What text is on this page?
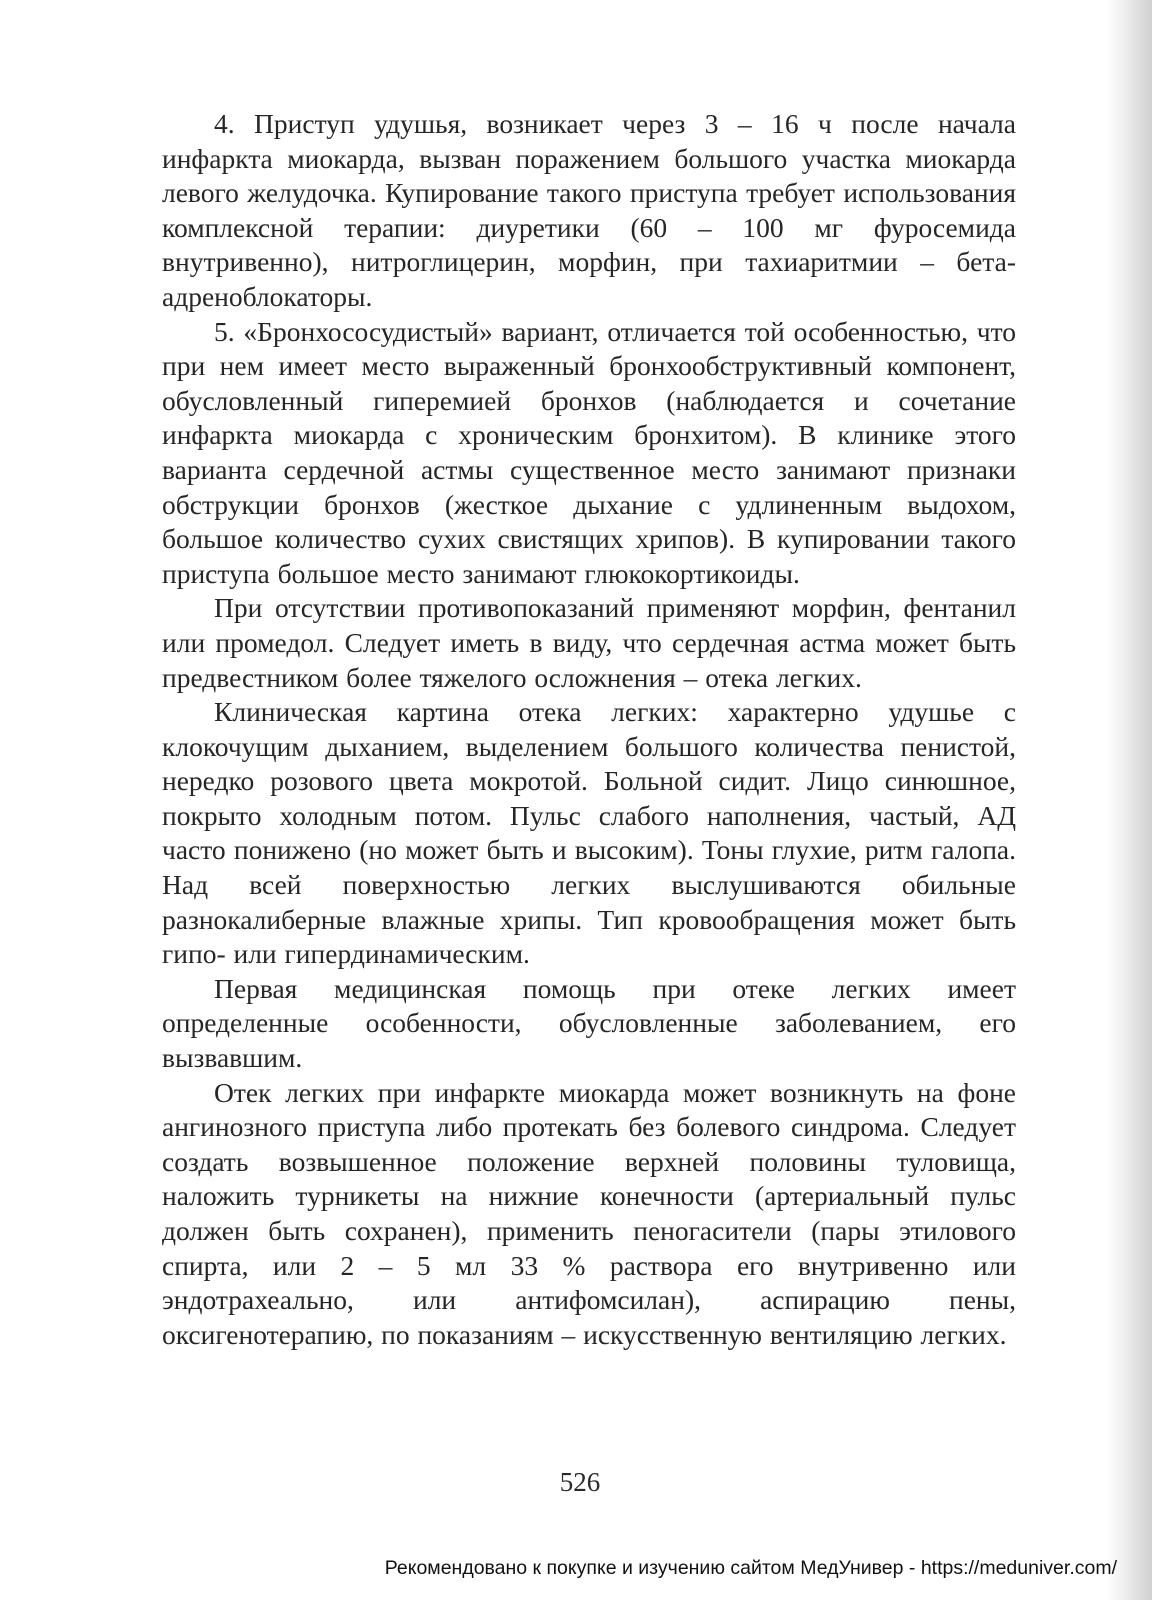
4. Приступ удушья, возникает через 3 – 16 ч после начала инфаркта миокарда, вызван поражением большого участка миокарда левого желудочка. Купирование такого приступа требует использования комплексной терапии: диуретики (60 – 100 мг фуросемида внутривенно), нитроглицерин, морфин, при тахиаритмии – бета-адреноблокаторы.

5. «Бронхососудистый» вариант, отличается той особенностью, что при нем имеет место выраженный бронхообструктивный компонент, обусловленный гиперемией бронхов (наблюдается и сочетание инфаркта миокарда с хроническим бронхитом). В клинике этого варианта сердечной астмы существенное место занимают признаки обструкции бронхов (жесткое дыхание с удлиненным выдохом, большое количество сухих свистящих хрипов). В купировании такого приступа большое место занимают глюкокортикоиды.

При отсутствии противопоказаний применяют морфин, фентанил или промедол. Следует иметь в виду, что сердечная астма может быть предвестником более тяжелого осложнения – отека легких.

Клиническая картина отека легких: характерно удушье с клокочущим дыханием, выделением большого количества пенистой, нередко розового цвета мокротой. Больной сидит. Лицо синюшное, покрыто холодным потом. Пульс слабого наполнения, частый, АД часто понижено (но может быть и высоким). Тоны глухие, ритм галопа. Над всей поверхностью легких выслушиваются обильные разнокалиберные влажные хрипы. Тип кровообращения может быть гипо- или гипердинамическим.

Первая медицинская помощь при отеке легких имеет определенные особенности, обусловленные заболеванием, его вызвавшим.

Отек легких при инфаркте миокарда может возникнуть на фоне ангинозного приступа либо протекать без болевого синдрома. Следует создать возвышенное положение верхней половины туловища, наложить турникеты на нижние конечности (артериальный пульс должен быть сохранен), применить пеногасители (пары этилового спирта, или 2 – 5 мл 33 % раствора его внутривенно или эндотрахеально, или антифомсилан), аспирацию пены, оксигенотерапию, по показаниям – искусственную вентиляцию легких.

526
Рекомендовано к покупке и изучению сайтом МедУнивер - https://meduniver.com/
